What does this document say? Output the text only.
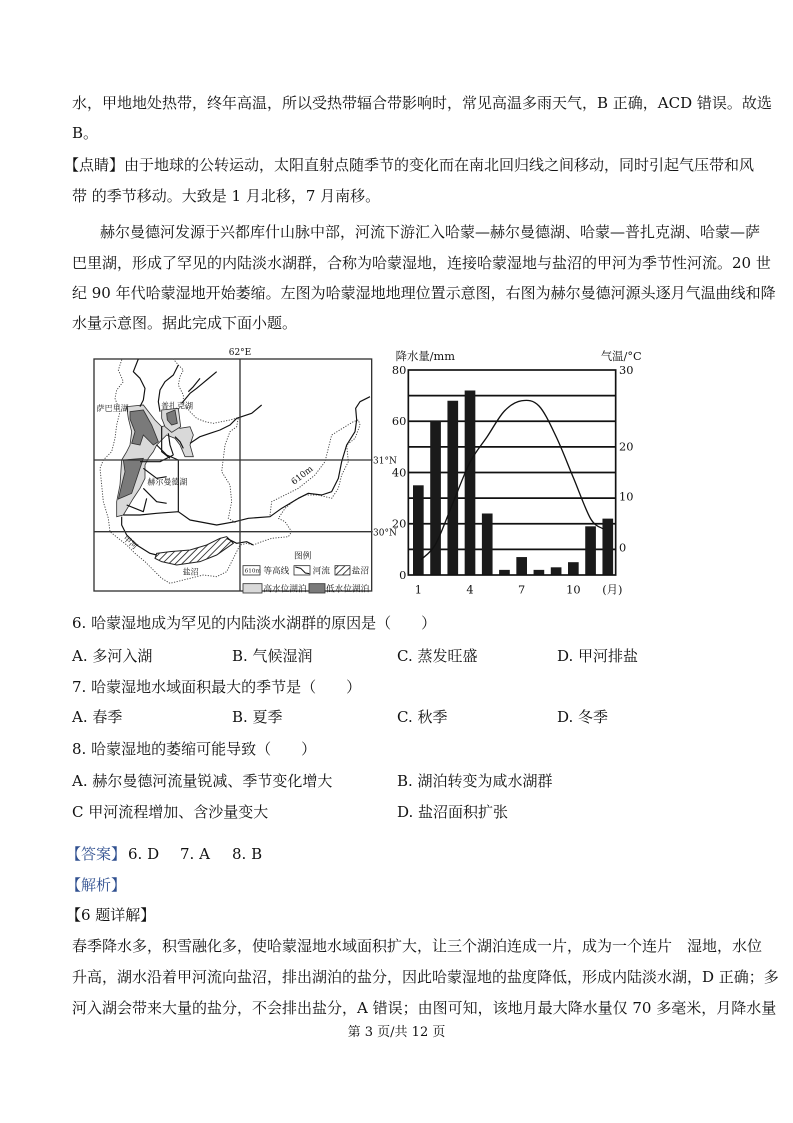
水，甲地地处热带，终年高温，所以受热带辐合带影响时，常见高温多雨天气，B 正确，ACD 错误。故选
B。
【点睛】由于地球的公转运动，太阳直射点随季节的变化而在南北回归线之间移动，同时引起气压带和风
带 的季节移动。大致是 1 月北移，7 月南移。
赫尔曼德河发源于兴都库什山脉中部，河流下游汇入哈蒙—赫尔曼德湖、哈蒙—普扎克湖、哈蒙—萨
巴里湖，形成了罕见的内陆淡水湖群，合称为哈蒙湿地，连接哈蒙湿地与盐沼的甲河为季节性河流。20 世
纪 90 年代哈蒙湿地开始萎缩。左图为哈蒙湿地地理位置示意图，右图为赫尔曼德河源头逐月气温曲线和降
水量示意图。据此完成下面小题。
62°E
31°N
30°N
萨巴里湖 普扎克湖
赫尔曼德湖	610m
甲河
盐沼
图例
610m 等高线 河流 盐沼
高水位湖泊 低水位湖泊
降水量/mm	气温/°C
80
60
40
20
0
30
20
10
0
1 4 7 10 (月)
6. 哈蒙湿地成为罕见的内陆淡水湖群的原因是（　　）
A. 多河入湖	B. 气候湿润	C. 蒸发旺盛	D. 甲河排盐
7. 哈蒙湿地水域面积最大的季节是（　　）
A. 春季	B. 夏季	C. 秋季	D. 冬季
8. 哈蒙湿地的萎缩可能导致（　　）
A. 赫尔曼德河流量锐减、季节变化增大	B. 湖泊转变为咸水湖群
C 甲河流程增加、含沙量变大	D. 盐沼面积扩张
【答案】 6. D 7. A 8. B
【解析】
【6 题详解】
春季降水多，积雪融化多，使哈蒙湿地水域面积扩大，让三个湖泊连成一片，成为一个连片　湿地，水位
升高，湖水沿着甲河流向盐沼，排出湖泊的盐分，因此哈蒙湿地的盐度降低，形成内陆淡水湖，D 正确；多
河入湖会带来大量的盐分，不会排出盐分，A 错误；由图可知，该地月最大降水量仅 70 多毫米，月降水量
第 3 页/共 12 页
